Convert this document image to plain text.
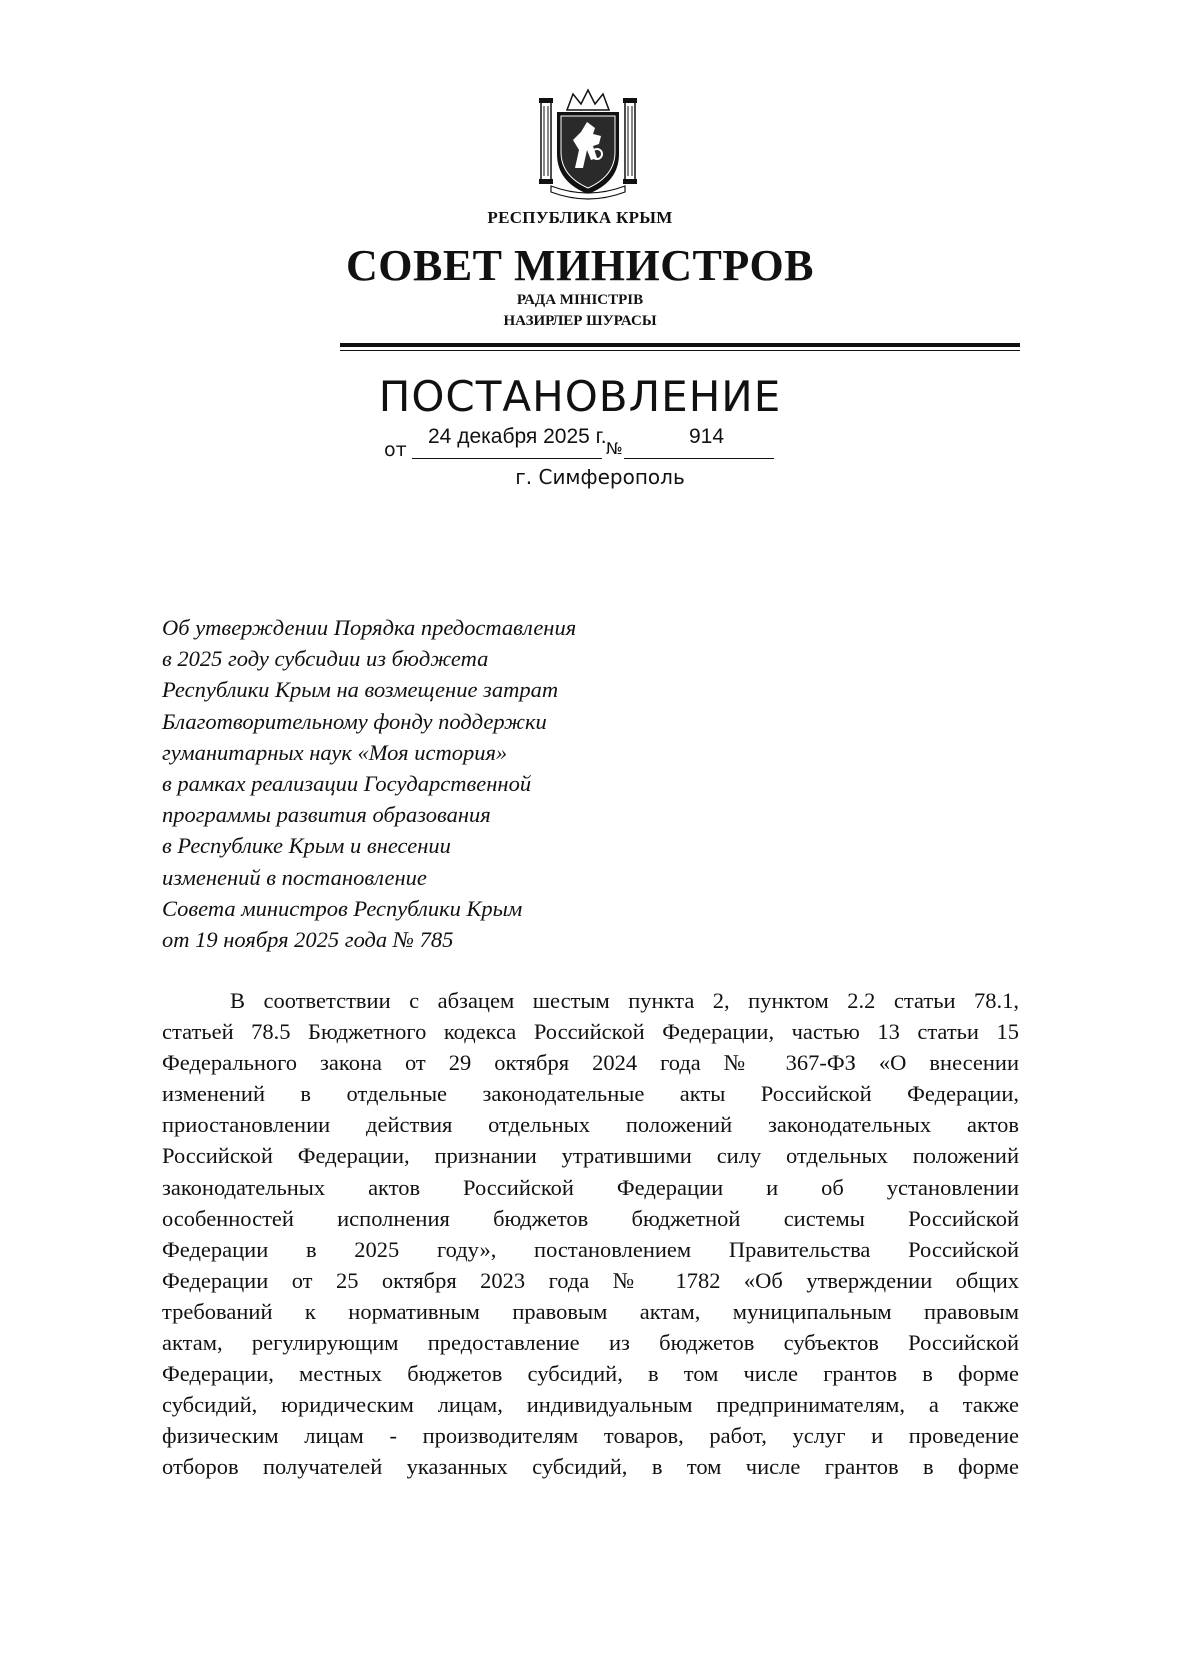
РЕСПУБЛИКА КРЫМ
СОВЕТ МИНИСТРОВ
РАДА МІНІСТРІВ
НАЗИРЛЕР ШУРАСЫ
ПОСТАНОВЛЕНИЕ
от
24 декабря 2025 г.
№
914
г. Симферополь
Об утверждении Порядка предоставления
в 2025 году субсидии из бюджета
Республики Крым на возмещение затрат
Благотворительному фонду поддержки
гуманитарных наук «Моя история»
в рамках реализации Государственной
программы развития образования
в Республике Крым и внесении
изменений в постановление
Совета министров Республики Крым
от 19 ноября 2025 года № 785
В соответствии с абзацем шестым пункта 2, пунктом 2.2 статьи 78.1,
статьей 78.5 Бюджетного кодекса Российской Федерации, частью 13 статьи 15
Федерального закона от 29 октября 2024 года № 367-ФЗ «О внесении
изменений в отдельные законодательные акты Российской Федерации,
приостановлении действия отдельных положений законодательных актов
Российской Федерации, признании утратившими силу отдельных положений
законодательных актов Российской Федерации и об установлении
особенностей исполнения бюджетов бюджетной системы Российской
Федерации в 2025 году», постановлением Правительства Российской
Федерации от 25 октября 2023 года № 1782 «Об утверждении общих
требований к нормативным правовым актам, муниципальным правовым
актам, регулирующим предоставление из бюджетов субъектов Российской
Федерации, местных бюджетов субсидий, в том числе грантов в форме
субсидий, юридическим лицам, индивидуальным предпринимателям, а также
физическим лицам - производителям товаров, работ, услуг и проведение
отборов получателей указанных субсидий, в том числе грантов в форме
